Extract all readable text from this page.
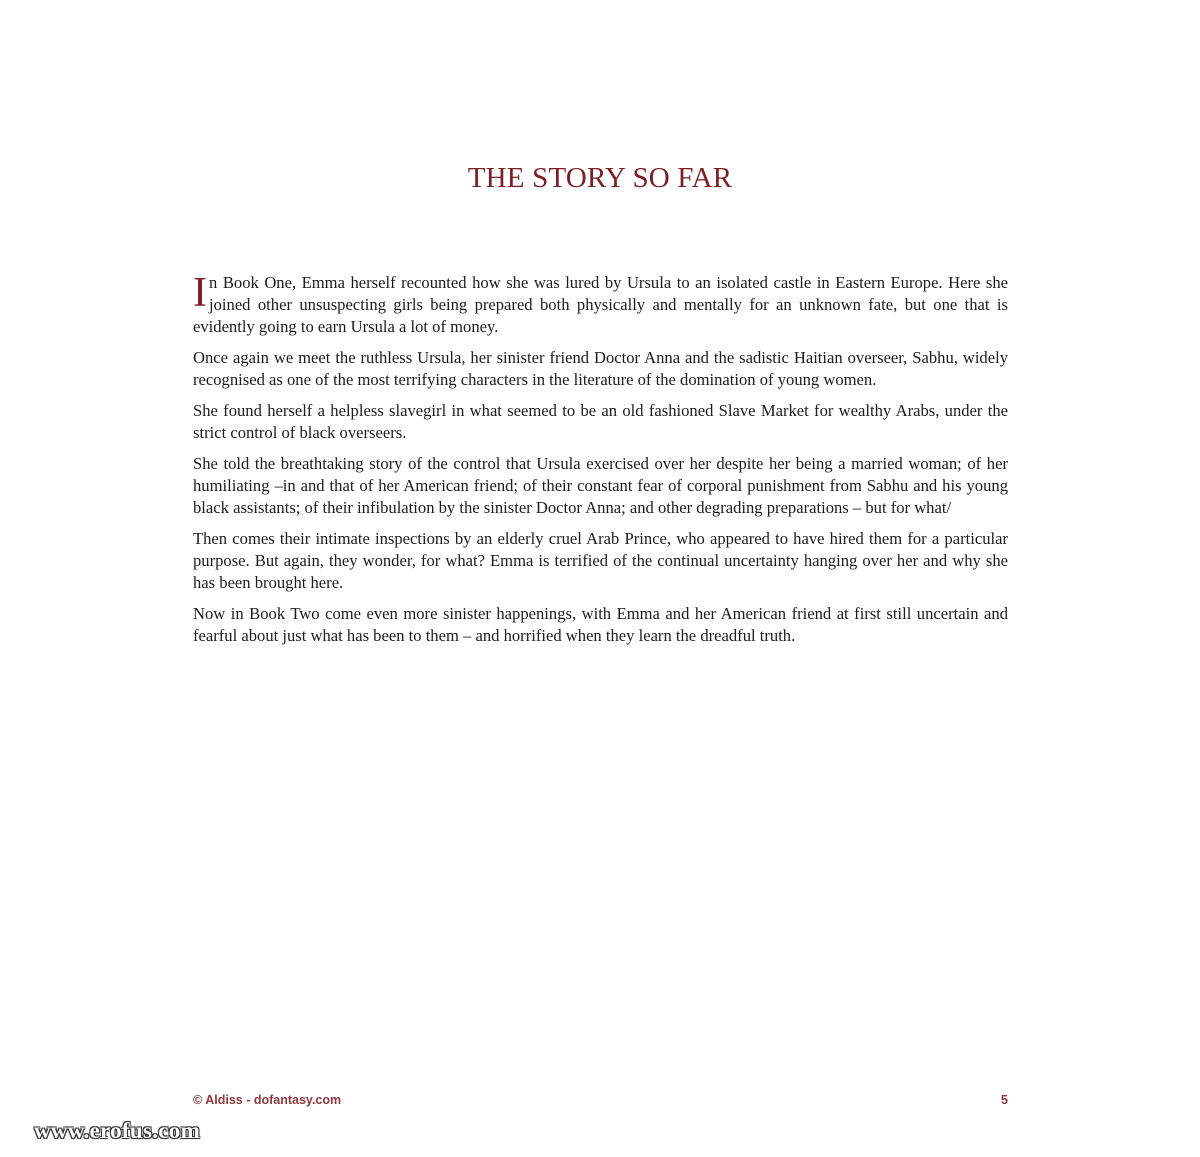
THE STORY SO FAR

In Book One, Emma herself recounted how she was lured by Ursula to an isolated castle in Eastern Europe. Here she joined other unsuspecting girls being prepared both physically and mentally for an unknown fate, but one that is evidently going to earn Ursula a lot of money.

Once again we meet the ruthless Ursula, her sinister friend Doctor Anna and the sadistic Haitian overseer, Sabhu, widely recognised as one of the most terrifying characters in the literature of the domination of young women.

She found herself a helpless slavegirl in what seemed to be an old fashioned Slave Market for wealthy Arabs, under the strict control of black overseers.

She told the breathtaking story of the control that Ursula exercised over her despite her being a married woman; of her humiliating –in and that of her American friend; of their constant fear of corporal punishment from Sabhu and his young black assistants; of their infibulation by the sinister Doctor Anna; and other degrading preparations – but for what/

Then comes their intimate inspections by an elderly cruel Arab Prince, who appeared to have hired them for a particular purpose. But again, they wonder, for what? Emma is terrified of the continual uncertainty hanging over her and why she has been brought here.

Now in Book Two come even more sinister happenings, with Emma and her American friend at first still uncertain and fearful about just what has been to them – and horrified when they learn the dreadful truth.

© Aldiss - dofantasy.com	5
www.erofus.com
